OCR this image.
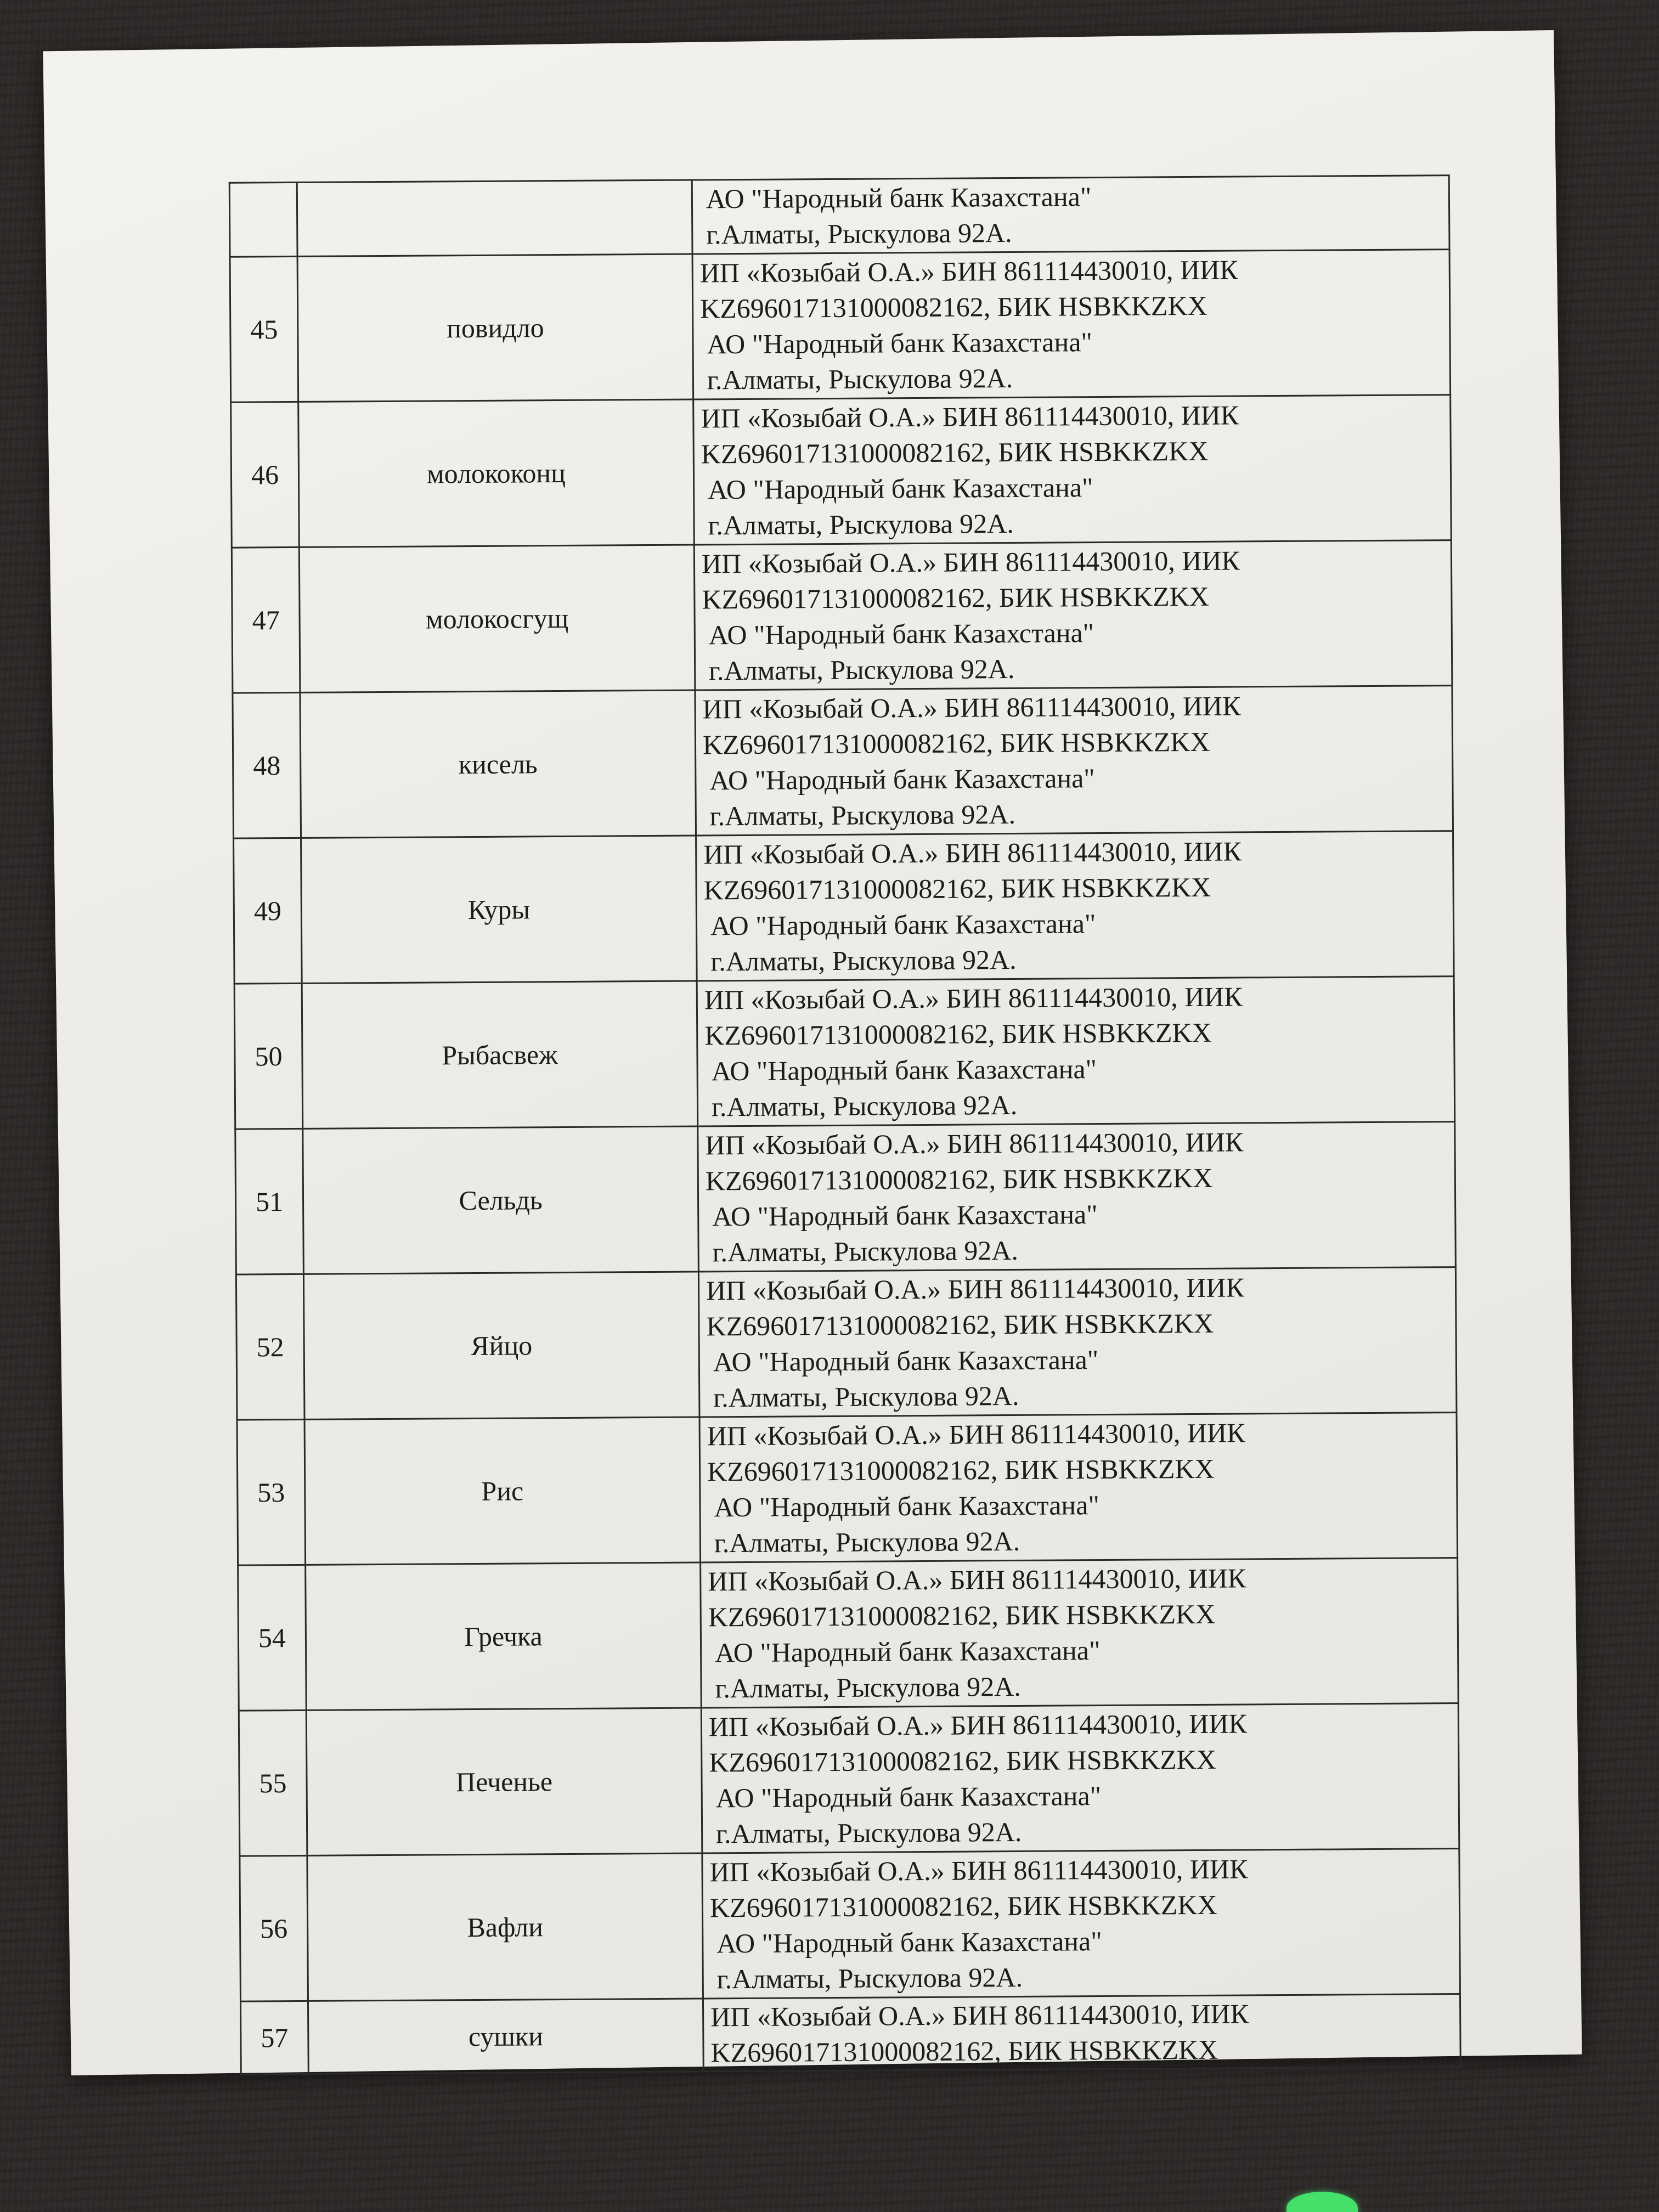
		АО "Народный банк Казахстана"
г.Алматы, Рыскулова 92А.

45	повидло	ИП «Козыбай О.А.» БИН 861114430010, ИИК
KZ696017131000082162, БИК HSBKKZKX
АО "Народный банк Казахстана"
г.Алматы, Рыскулова 92А.

46	молококонц	ИП «Козыбай О.А.» БИН 861114430010, ИИК
KZ696017131000082162, БИК HSBKKZKX
АО "Народный банк Казахстана"
г.Алматы, Рыскулова 92А.

47	молокосгущ	ИП «Козыбай О.А.» БИН 861114430010, ИИК
KZ696017131000082162, БИК HSBKKZKX
АО "Народный банк Казахстана"
г.Алматы, Рыскулова 92А.

48	кисель	ИП «Козыбай О.А.» БИН 861114430010, ИИК
KZ696017131000082162, БИК HSBKKZKX
АО "Народный банк Казахстана"
г.Алматы, Рыскулова 92А.

49	Куры	ИП «Козыбай О.А.» БИН 861114430010, ИИК
KZ696017131000082162, БИК HSBKKZKX
АО "Народный банк Казахстана"
г.Алматы, Рыскулова 92А.

50	Рыбасвеж	ИП «Козыбай О.А.» БИН 861114430010, ИИК
KZ696017131000082162, БИК HSBKKZKX
АО "Народный банк Казахстана"
г.Алматы, Рыскулова 92А.

51	Сельдь	ИП «Козыбай О.А.» БИН 861114430010, ИИК
KZ696017131000082162, БИК HSBKKZKX
АО "Народный банк Казахстана"
г.Алматы, Рыскулова 92А.

52	Яйцо	ИП «Козыбай О.А.» БИН 861114430010, ИИК
KZ696017131000082162, БИК HSBKKZKX
АО "Народный банк Казахстана"
г.Алматы, Рыскулова 92А.

53	Рис	ИП «Козыбай О.А.» БИН 861114430010, ИИК
KZ696017131000082162, БИК HSBKKZKX
АО "Народный банк Казахстана"
г.Алматы, Рыскулова 92А.

54	Гречка	ИП «Козыбай О.А.» БИН 861114430010, ИИК
KZ696017131000082162, БИК HSBKKZKX
АО "Народный банк Казахстана"
г.Алматы, Рыскулова 92А.

55	Печенье	ИП «Козыбай О.А.» БИН 861114430010, ИИК
KZ696017131000082162, БИК HSBKKZKX
АО "Народный банк Казахстана"
г.Алматы, Рыскулова 92А.

56	Вафли	ИП «Козыбай О.А.» БИН 861114430010, ИИК
KZ696017131000082162, БИК HSBKKZKX
АО "Народный банк Казахстана"
г.Алматы, Рыскулова 92А.

57	сушки	ИП «Козыбай О.А.» БИН 861114430010, ИИК
KZ696017131000082162, БИК HSBKKZKX
